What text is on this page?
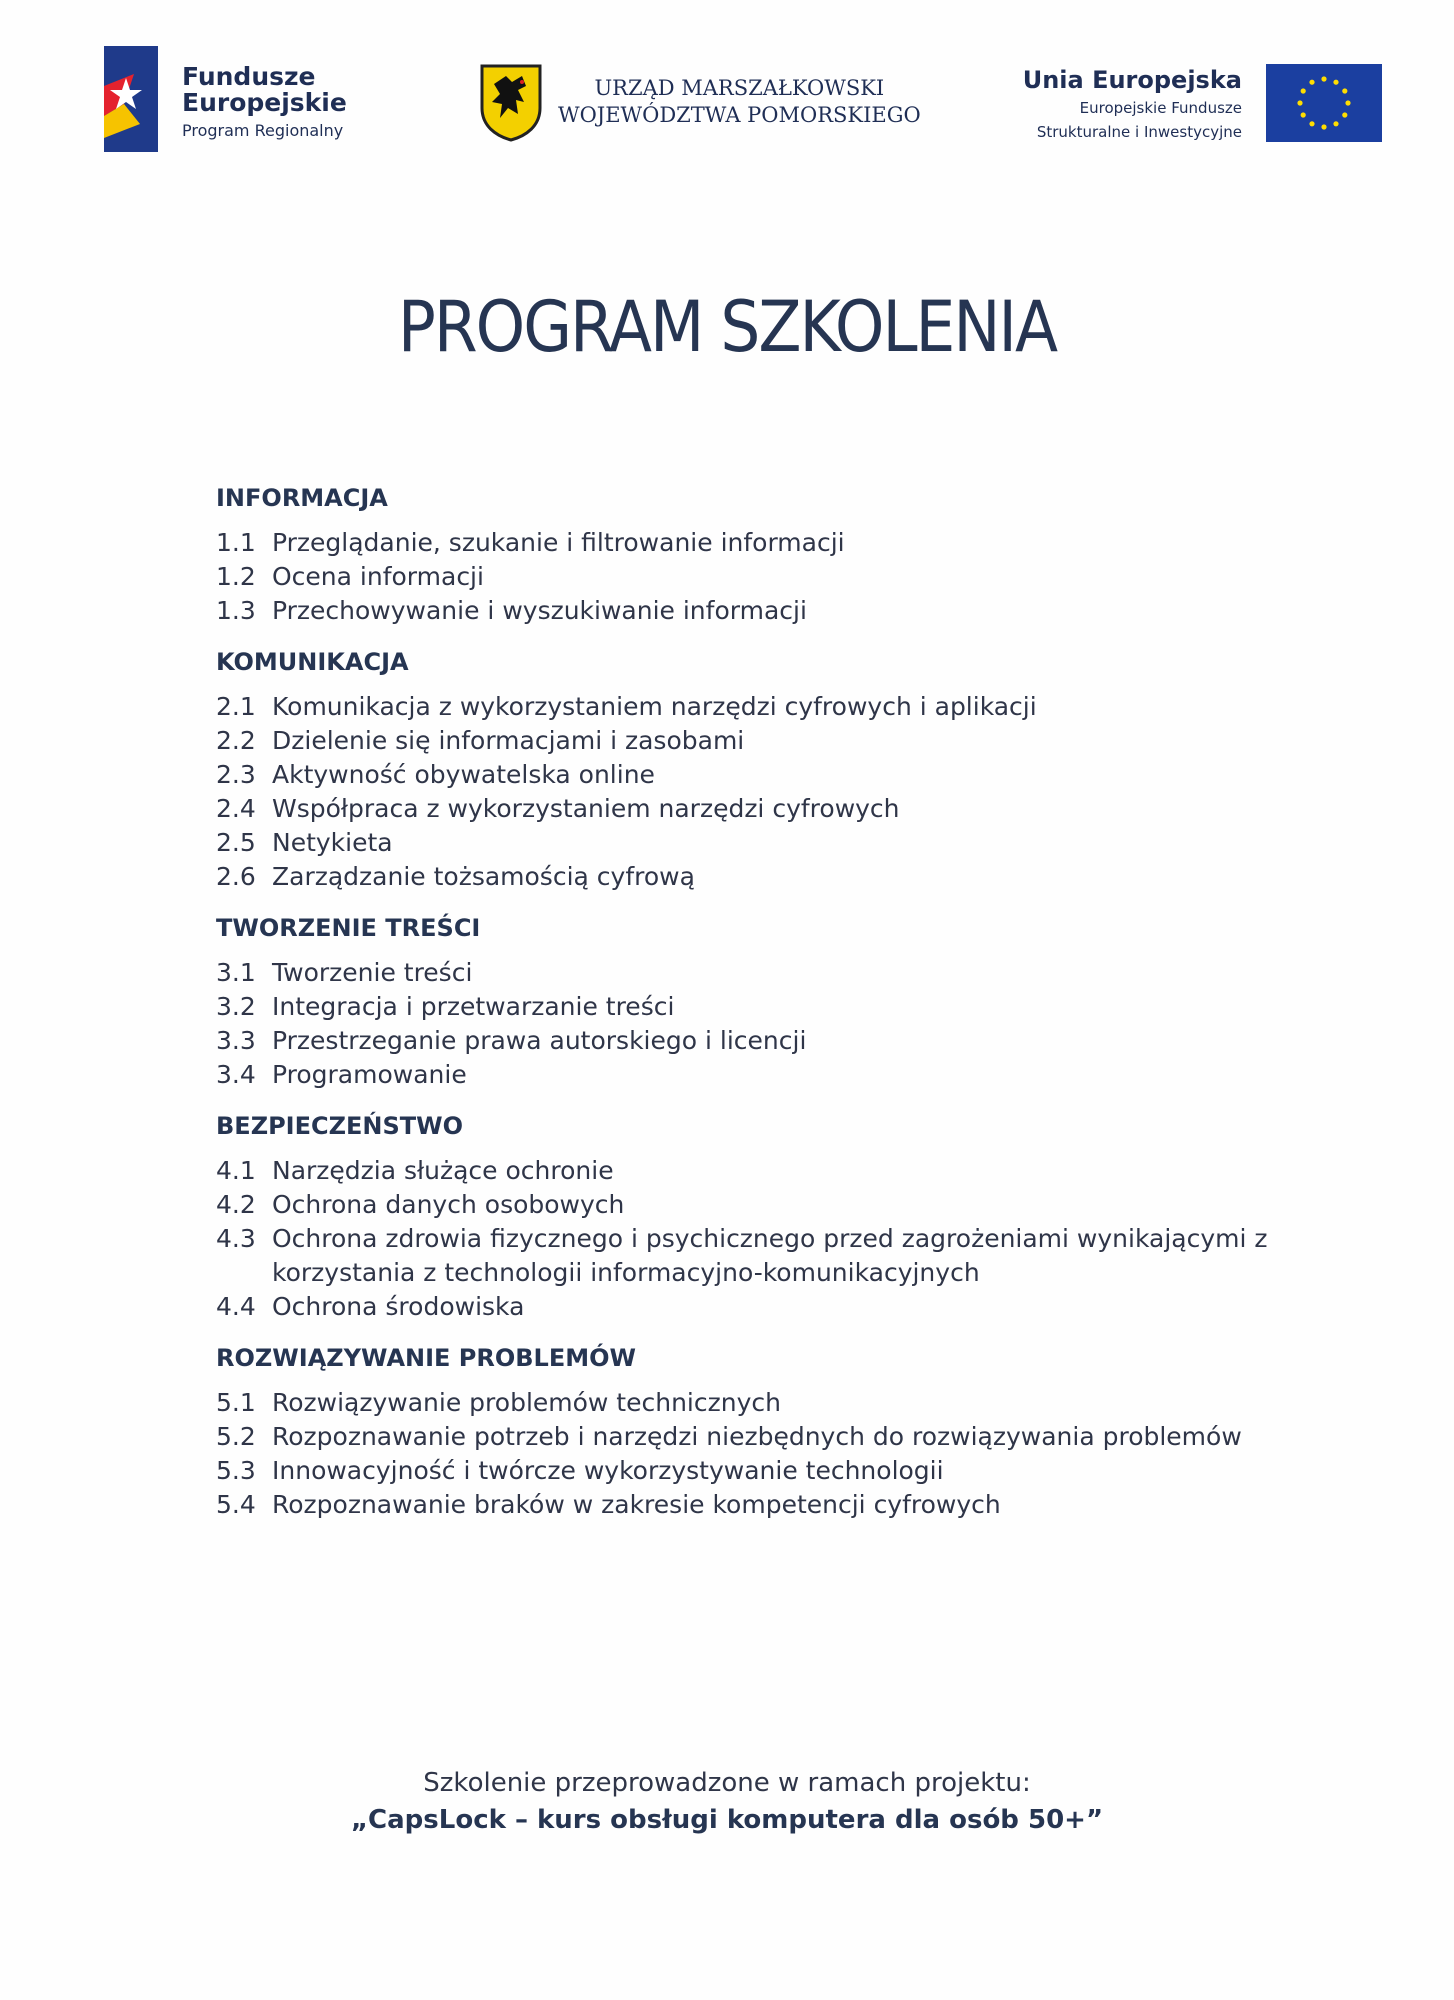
Fundusze
Europejskie
Program Regionalny
URZĄD MARSZAŁKOWSKI
WOJEWÓDZTWA POMORSKIEGO
Unia Europejska
Europejskie Fundusze
Strukturalne i Inwestycyjne
PROGRAM SZKOLENIA
INFORMACJA
1.1 Przeglądanie, szukanie i filtrowanie informacji
1.2 Ocena informacji
1.3 Przechowywanie i wyszukiwanie informacji
KOMUNIKACJA
2.1 Komunikacja z wykorzystaniem narzędzi cyfrowych i aplikacji
2.2 Dzielenie się informacjami i zasobami
2.3 Aktywność obywatelska online
2.4 Współpraca z wykorzystaniem narzędzi cyfrowych
2.5 Netykieta
2.6 Zarządzanie tożsamością cyfrową
TWORZENIE TREŚCI
3.1 Tworzenie treści
3.2 Integracja i przetwarzanie treści
3.3 Przestrzeganie prawa autorskiego i licencji
3.4 Programowanie
BEZPIECZEŃSTWO
4.1 Narzędzia służące ochronie
4.2 Ochrona danych osobowych
4.3 Ochrona zdrowia fizycznego i psychicznego przed zagrożeniami wynikającymi z korzystania z technologii informacyjno-komunikacyjnych
4.4 Ochrona środowiska
ROZWIĄZYWANIE PROBLEMÓW
5.1 Rozwiązywanie problemów technicznych
5.2 Rozpoznawanie potrzeb i narzędzi niezbędnych do rozwiązywania problemów
5.3 Innowacyjność i twórcze wykorzystywanie technologii
5.4 Rozpoznawanie braków w zakresie kompetencji cyfrowych
Szkolenie przeprowadzone w ramach projektu:
„CapsLock – kurs obsługi komputera dla osób 50+”
